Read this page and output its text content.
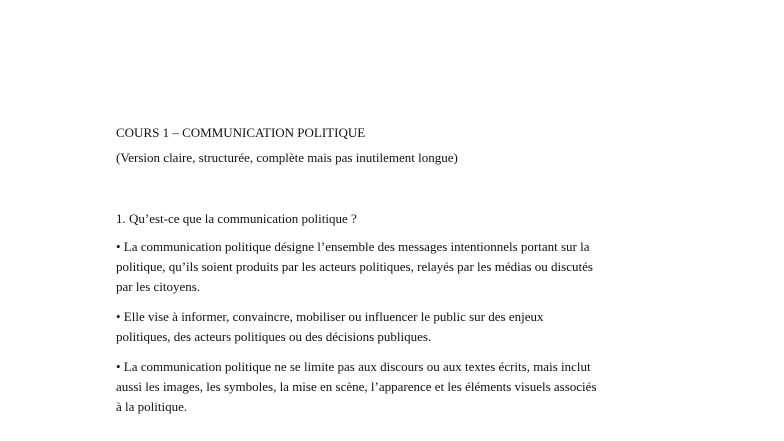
COURS 1 – COMMUNICATION POLITIQUE
(Version claire, structurée, complète mais pas inutilement longue)
1. Qu’est-ce que la communication politique ?
• La communication politique désigne l’ensemble des messages intentionnels portant sur la
politique, qu’ils soient produits par les acteurs politiques, relayés par les médias ou discutés
par les citoyens.
• Elle vise à informer, convaincre, mobiliser ou influencer le public sur des enjeux
politiques, des acteurs politiques ou des décisions publiques.
• La communication politique ne se limite pas aux discours ou aux textes écrits, mais inclut
aussi les images, les symboles, la mise en scène, l’apparence et les éléments visuels associés
à la politique.
